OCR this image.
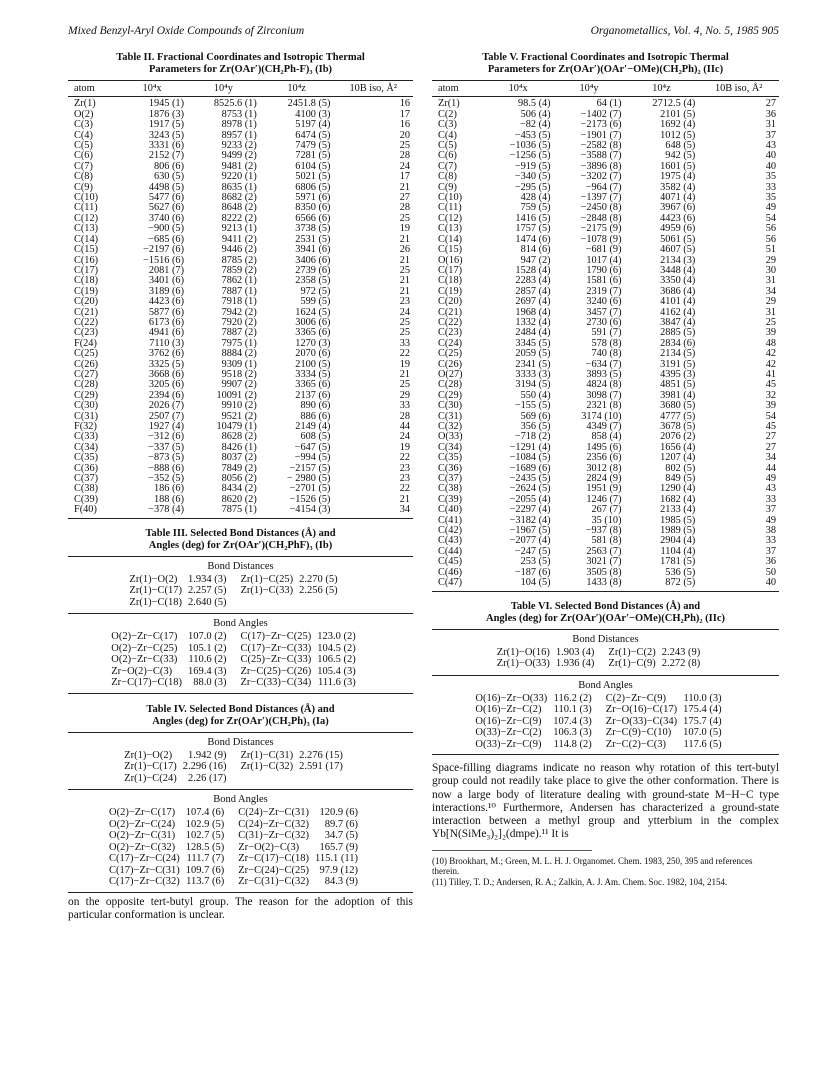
Mixed Benzyl-Aryl Oxide Compounds of Zirconium	Organometallics, Vol. 4, No. 5, 1985 905
Table II. Fractional Coordinates and Isotropic Thermal
Parameters for Zr(OAr′)(CH₂Ph-F)₃ (Ib)
atom	10⁴x	10⁴y	10⁴z	10B iso, Å²
Zr(1)	1945 (1)	8525.6 (1)	2451.8 (5)	16
O(2)	1876 (3)	8753 (1)	4100 (3)	17
C(3)	1917 (5)	8978 (1)	5197 (4)	16
C(4)	3243 (5)	8957 (1)	6474 (5)	20
C(5)	3331 (6)	9233 (2)	7479 (5)	25
C(6)	2152 (7)	9499 (2)	7281 (5)	28
C(7)	806 (6)	9481 (2)	6104 (5)	24
C(8)	630 (5)	9220 (1)	5021 (5)	17
C(9)	4498 (5)	8635 (1)	6806 (5)	21
C(10)	5477 (6)	8682 (2)	5971 (6)	27
C(11)	5627 (6)	8648 (2)	8350 (6)	28
C(12)	3740 (6)	8222 (2)	6566 (6)	25
C(13)	−900 (5)	9213 (1)	3738 (5)	19
C(14)	−685 (6)	9411 (2)	2531 (5)	21
C(15)	−2197 (6)	9446 (2)	3941 (6)	26
C(16)	−1516 (6)	8785 (2)	3406 (6)	21
C(17)	2081 (7)	7859 (2)	2739 (6)	25
C(18)	3401 (6)	7862 (1)	2358 (5)	21
C(19)	3189 (6)	7887 (1)	972 (5)	21
C(20)	4423 (6)	7918 (1)	599 (5)	23
C(21)	5877 (6)	7942 (2)	1624 (5)	24
C(22)	6173 (6)	7920 (2)	3006 (6)	25
C(23)	4941 (6)	7887 (2)	3365 (6)	25
F(24)	7110 (3)	7975 (1)	1270 (3)	33
C(25)	3762 (6)	8884 (2)	2070 (6)	22
C(26)	3325 (5)	9309 (1)	2100 (5)	19
C(27)	3668 (6)	9518 (2)	3334 (5)	21
C(28)	3205 (6)	9907 (2)	3365 (6)	25
C(29)	2394 (6)	10091 (2)	2137 (6)	29
C(30)	2026 (7)	9910 (2)	890 (6)	33
C(31)	2507 (7)	9521 (2)	886 (6)	28
F(32)	1927 (4)	10479 (1)	2149 (4)	44
C(33)	−312 (6)	8628 (2)	608 (5)	24
C(34)	−337 (5)	8426 (1)	−647 (5)	19
C(35)	−873 (5)	8037 (2)	−994 (5)	22
C(36)	−888 (6)	7849 (2)	−2157 (5)	23
C(37)	−352 (5)	8056 (2)	− 2980 (5)	23
C(38)	186 (6)	8434 (2)	−2701 (5)	22
C(39)	188 (6)	8620 (2)	−1526 (5)	21
F(40)	−378 (4)	7875 (1)	−4154 (3)	34
Table III. Selected Bond Distances (Å) and
Angles (deg) for Zr(OAr′)(CH₂PhF)₃ (Ib)
Bond Distances
Zr(1)−O(2)	1.934 (3)	Zr(1)−C(25)	2.270 (5)
Zr(1)−C(17)	2.257 (5)	Zr(1)−C(33)	2.256 (5)
Zr(1)−C(18)	2.640 (5)		
Bond Angles
O(2)−Zr−C(17)	107.0 (2)	C(17)−Zr−C(25)	123.0 (2)
O(2)−Zr−C(25)	105.1 (2)	C(17)−Zr−C(33)	104.5 (2)
O(2)−Zr−C(33)	110.6 (2)	C(25)−Zr−C(33)	106.5 (2)
Zr−O(2)−C(3)	169.4 (3)	Zr−C(25)−C(26)	105.4 (3)
Zr−C(17)−C(18)	88.0 (3)	Zr−C(33)−C(34)	111.6 (3)
Table IV. Selected Bond Distances (Å) and
Angles (deg) for Zr(OAr′)(CH₂Ph)₃ (Ia)
Bond Distances
Zr(1)−O(2)	1.942 (9)	Zr(1)−C(31)	2.276 (15)
Zr(1)−C(17)	2.296 (16)	Zr(1)−C(32)	2.591 (17)
Zr(1)−C(24)	2.26 (17)		
Bond Angles
O(2)−Zr−C(17)	107.4 (6)	C(24)−Zr−C(31)	120.9 (6)
O(2)−Zr−C(24)	102.9 (5)	C(24)−Zr−C(32)	89.7 (6)
O(2)−Zr−C(31)	102.7 (5)	C(31)−Zr−C(32)	34.7 (5)
O(2)−Zr−C(32)	128.5 (5)	Zr−O(2)−C(3)	165.7 (9)
C(17)−Zr−C(24)	111.7 (7)	Zr−C(17)−C(18)	115.1 (11)
C(17)−Zr−C(31)	109.7 (6)	Zr−C(24)−C(25)	97.9 (12)
C(17)−Zr−C(32)	113.7 (6)	Zr−C(31)−C(32)	84.3 (9)

on the opposite tert-butyl group. The reason for the adoption of this particular conformation is unclear.

Table V. Fractional Coordinates and Isotropic Thermal
Parameters for Zr(OAr′)(OAr′−OMe)(CH₂Ph)₂ (IIc)
atom	10⁴x	10⁴y	10⁴z	10B iso, Å²
Zr(1)	98.5 (4)	64 (1)	2712.5 (4)	27
C(2)	506 (4)	−1402 (7)	2101 (5)	36
C(3)	−82 (4)	−2173 (6)	1692 (4)	31
C(4)	−453 (5)	−1901 (7)	1012 (5)	37
C(5)	−1036 (5)	−2582 (8)	648 (5)	43
C(6)	−1256 (5)	−3588 (7)	942 (5)	40
C(7)	−919 (5)	−3896 (8)	1601 (5)	40
C(8)	−340 (5)	−3202 (7)	1975 (4)	35
C(9)	−295 (5)	−964 (7)	3582 (4)	33
C(10)	428 (4)	−1397 (7)	4071 (4)	35
C(11)	759 (5)	−2450 (8)	3967 (6)	49
C(12)	1416 (5)	−2848 (8)	4423 (6)	54
C(13)	1757 (5)	−2175 (9)	4959 (6)	56
C(14)	1474 (6)	−1078 (9)	5061 (5)	56
C(15)	814 (6)	−681 (9)	4607 (5)	51
O(16)	947 (2)	1017 (4)	2134 (3)	29
C(17)	1528 (4)	1790 (6)	3448 (4)	30
C(18)	2283 (4)	1581 (6)	3350 (4)	31
C(19)	2857 (4)	2319 (7)	3686 (4)	34
C(20)	2697 (4)	3240 (6)	4101 (4)	29
C(21)	1968 (4)	3457 (7)	4162 (4)	31
C(22)	1332 (4)	2730 (6)	3847 (4)	25
C(23)	2484 (4)	591 (7)	2885 (5)	39
C(24)	3345 (5)	578 (8)	2834 (6)	48
C(25)	2059 (5)	740 (8)	2134 (5)	42
C(26)	2341 (5)	−634 (7)	3191 (5)	42
O(27)	3333 (3)	3893 (5)	4395 (3)	41
C(28)	3194 (5)	4824 (8)	4851 (5)	45
C(29)	550 (4)	3098 (7)	3981 (4)	32
C(30)	−155 (5)	2321 (8)	3680 (5)	39
C(31)	569 (6)	3174 (10)	4777 (5)	54
C(32)	356 (5)	4349 (7)	3678 (5)	45
O(33)	−718 (2)	858 (4)	2076 (2)	27
C(34)	−1291 (4)	1495 (6)	1656 (4)	27
C(35)	−1084 (5)	2356 (6)	1207 (4)	34
C(36)	−1689 (6)	3012 (8)	802 (5)	44
C(37)	−2435 (5)	2824 (9)	849 (5)	49
C(38)	−2624 (5)	1951 (9)	1290 (4)	43
C(39)	−2055 (4)	1246 (7)	1682 (4)	33
C(40)	−2297 (4)	267 (7)	2133 (4)	37
C(41)	−3182 (4)	35 (10)	1985 (5)	49
C(42)	−1967 (5)	−937 (8)	1989 (5)	38
C(43)	−2077 (4)	581 (8)	2904 (4)	33
C(44)	−247 (5)	2563 (7)	1104 (4)	37
C(45)	253 (5)	3021 (7)	1781 (5)	36
C(46)	−187 (6)	3505 (8)	536 (5)	50
C(47)	104 (5)	1433 (8)	872 (5)	40
Table VI. Selected Bond Distances (Å) and
Angles (deg) for Zr(OAr′)(OAr′−OMe)(CH₂Ph)₂ (IIc)
Bond Distances
Zr(1)−O(16)	1.903 (4)	Zr(1)−C(2)	2.243 (9)
Zr(1)−O(33)	1.936 (4)	Zr(1)−C(9)	2.272 (8)
Bond Angles
O(16)−Zr−O(33)	116.2 (2)	C(2)−Zr−C(9)	110.0 (3)
O(16)−Zr−C(2)	110.1 (3)	Zr−O(16)−C(17)	175.4 (4)
O(16)−Zr−C(9)	107.4 (3)	Zr−O(33)−C(34)	175.7 (4)
O(33)−Zr−C(2)	106.3 (3)	Zr−C(9)−C(10)	107.0 (5)
O(33)−Zr−C(9)	114.8 (2)	Zr−C(2)−C(3)	117.6 (5)

Space-filling diagrams indicate no reason why rotation of this tert-butyl group could not readily take place to give the other conformation. There is now a large body of literature dealing with ground-state M−H−C type interactions.¹⁰ Furthermore, Andersen has characterized a ground-state interaction between a methyl group and ytterbium in the complex Yb[N(SiMe₃)₂]₂(dmpe).¹¹ It is

(10) Brookhart, M.; Green, M. L. H. J. Organomet. Chem. 1983, 250, 395 and references therein.

(11) Tilley, T. D.; Andersen, R. A.; Zalkin, A. J. Am. Chem. Soc. 1982, 104, 2154.
